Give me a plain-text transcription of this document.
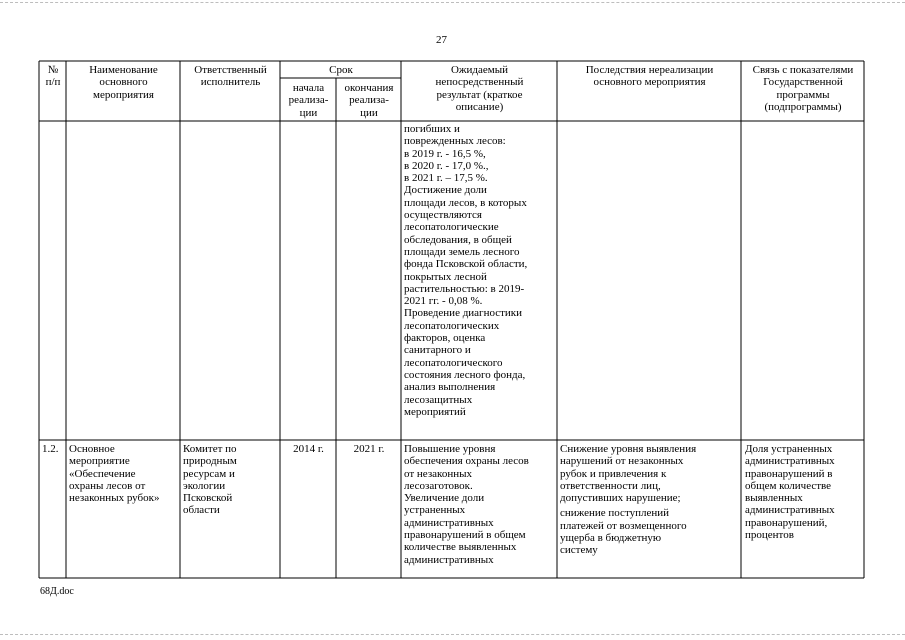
27
№
п/п
Наименование
основного
мероприятия
Ответственный
исполнитель
Срок
начала
реализа-
ции
окончания
реализа-
ции
Ожидаемый
непосредственный
результат (краткое
описание)
Последствия нереализации
основного мероприятия
Связь с показателями
Государственной
программы
(подпрограммы)
погибших и
поврежденных лесов:
в 2019 г. - 16,5 %,
в 2020 г. - 17,0 %.,
в 2021 г. – 17,5 %.
Достижение доли
площади лесов, в которых
осуществляются
лесопатологические
обследования, в общей
площади земель лесного
фонда Псковской области,
покрытых лесной
растительностью: в 2019-
2021 гг. - 0,08 %.
Проведение диагностики
лесопатологических
факторов, оценка
санитарного и
лесопатологического
состояния лесного фонда,
анализ выполнения
лесозащитных
мероприятий
1.2. Основное
мероприятие
«Обеспечение
охраны лесов от
незаконных рубок»
Комитет по
природным
ресурсам и
экологии
Псковской
области
2014 г.	2021 г.	Повышение уровня
обеспечения охраны лесов
от незаконных
лесозаготовок.
Увеличение доли
устраненных
административных
правонарушений в общем
количестве выявленных
административных
Снижение уровня выявления
нарушений от незаконных
рубок и привлечения к
ответственности лиц,
допустивших нарушение;
снижение поступлений
платежей от возмещенного
ущерба в бюджетную
систему
Доля устраненных
административных
правонарушений в
общем количестве
выявленных
административных
правонарушений,
процентов
68Д.doc
